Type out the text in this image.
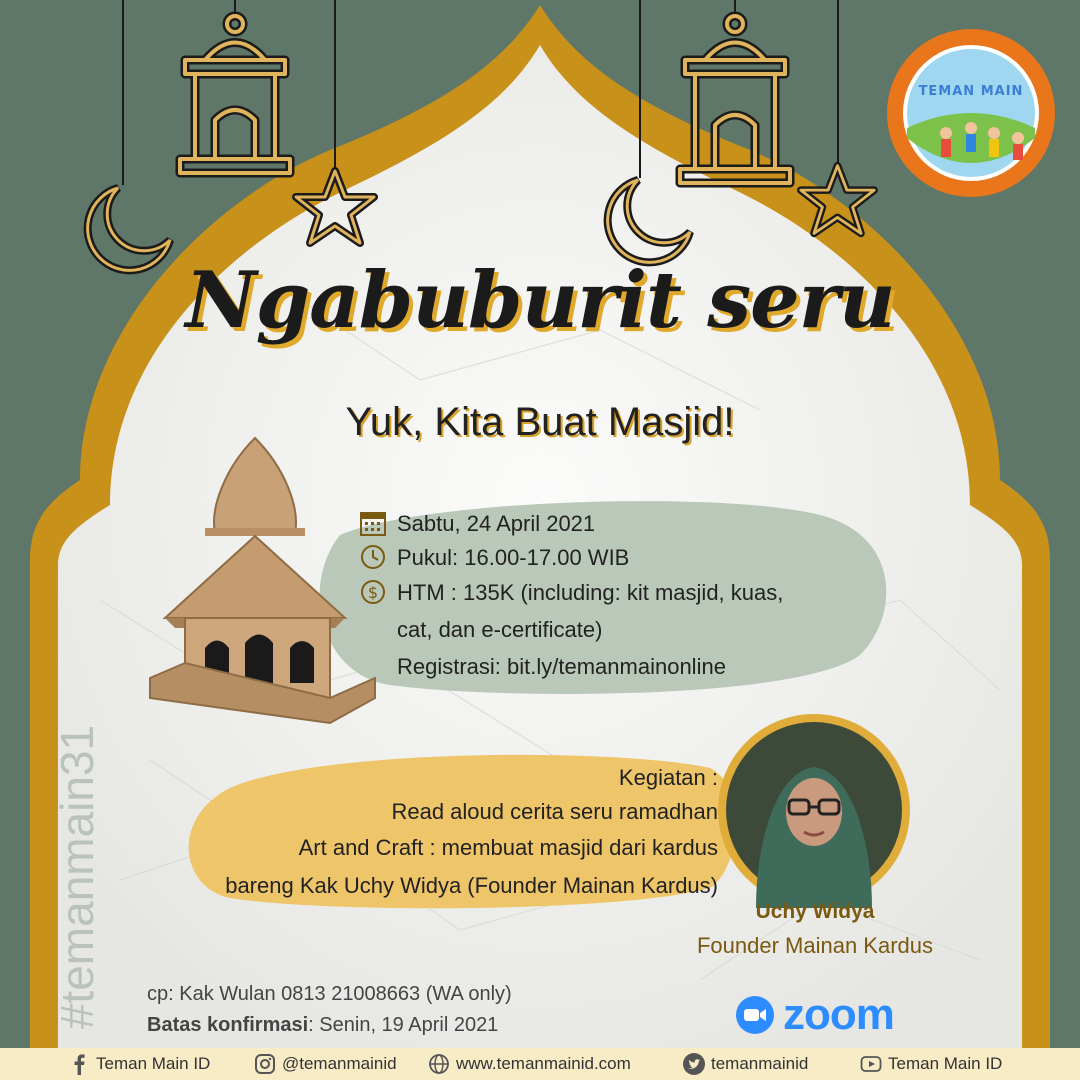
TEMAN MAIN
Ngabuburit seru
Yuk, Kita Buat Masjid!
Sabtu, 24 April 2021
Pukul: 16.00-17.00 WIB
$ HTM : 135K (including: kit masjid, kuas,
cat, dan e-certificate)
Registrasi: bit.ly/temanmainonline
Kegiatan :
Read aloud cerita seru ramadhan
Art and Craft : membuat masjid dari kardus
bareng Kak Uchy Widya (Founder Mainan Kardus)
Uchy Widya
Founder Mainan Kardus
#temanmain31 cp: Kak Wulan 0813 21008663 (WA only)
Batas konfirmasi: Senin, 19 April 2021	zoom
Teman Main ID	@temanmainid	www.temanmainid.com	temanmainid	Teman Main ID
